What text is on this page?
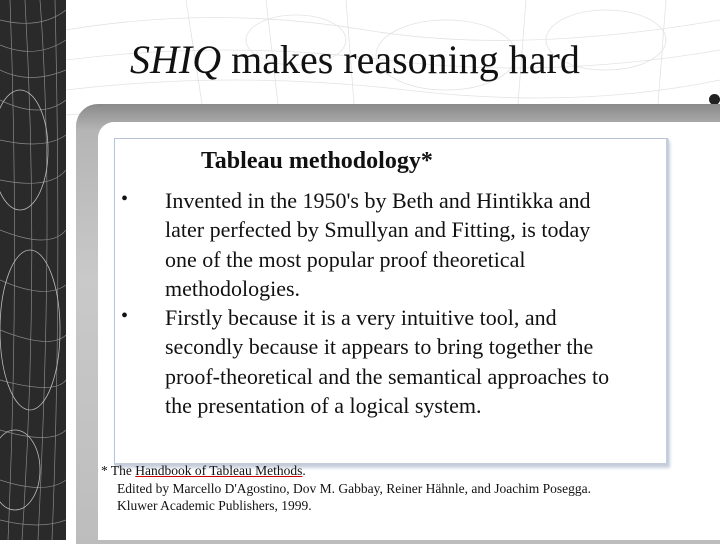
SHIQ makes reasoning hard
Tableau methodology*
• Invented in the 1950's by Beth and Hintikka and
later perfected by Smullyan and Fitting, is today
one of the most popular proof theoretical
methodologies.
• Firstly because it is a very intuitive tool, and
secondly because it appears to bring together the
proof-theoretical and the semantical approaches to
the presentation of a logical system.
* The Handbook of Tableau Methods.
Edited by Marcello D'Agostino, Dov M. Gabbay, Reiner Hähnle, and Joachim Posegga.
Kluwer Academic Publishers, 1999.
